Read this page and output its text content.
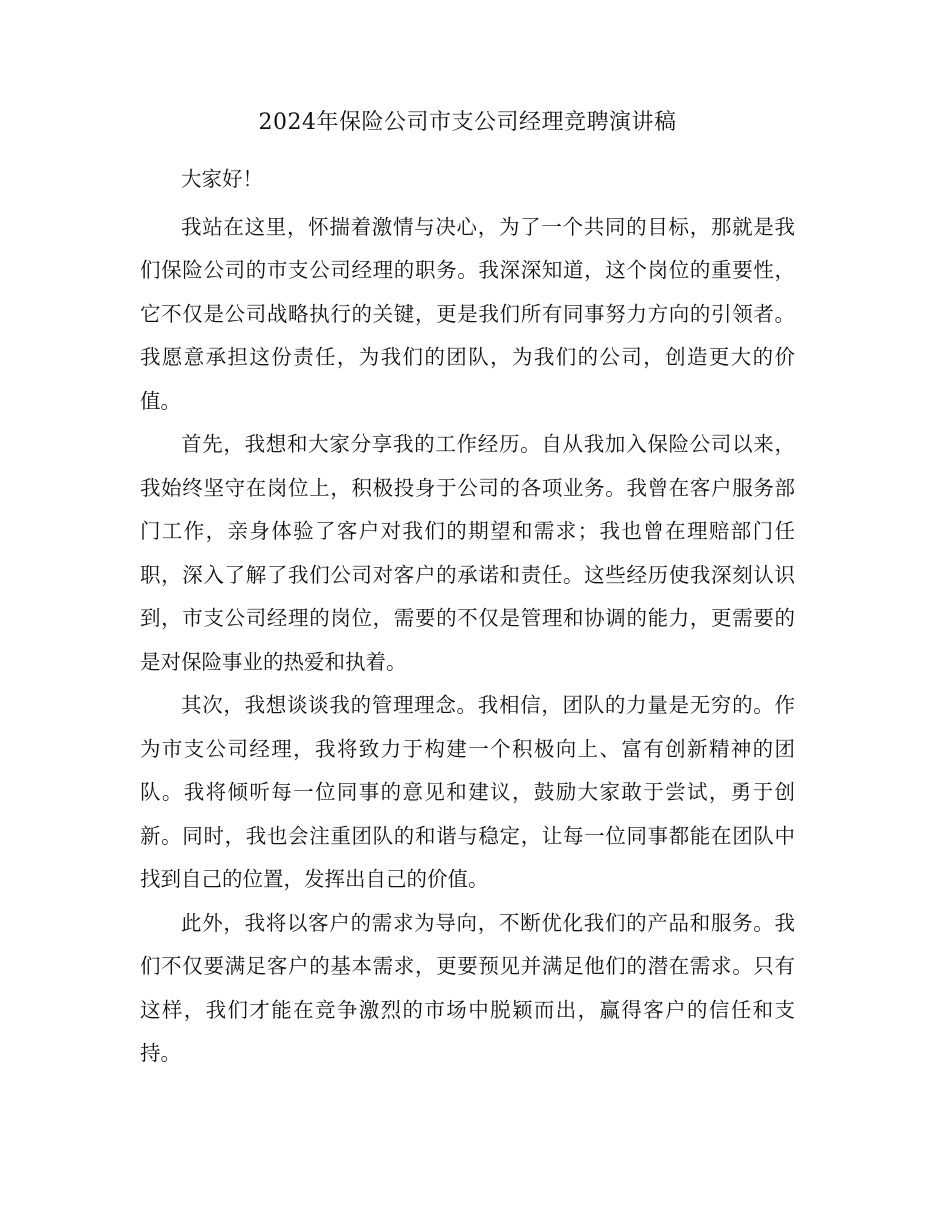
2024年保险公司市支公司经理竞聘演讲稿

大家好！

我站在这里，怀揣着激情与决心，为了一个共同的目标，那就是我们保险公司的市支公司经理的职务。我深深知道，这个岗位的重要性，它不仅是公司战略执行的关键，更是我们所有同事努力方向的引领者。我愿意承担这份责任，为我们的团队，为我们的公司，创造更大的价值。

首先，我想和大家分享我的工作经历。自从我加入保险公司以来，我始终坚守在岗位上，积极投身于公司的各项业务。我曾在客户服务部门工作，亲身体验了客户对我们的期望和需求；我也曾在理赔部门任职，深入了解了我们公司对客户的承诺和责任。这些经历使我深刻认识到，市支公司经理的岗位，需要的不仅是管理和协调的能力，更需要的是对保险事业的热爱和执着。

其次，我想谈谈我的管理理念。我相信，团队的力量是无穷的。作为市支公司经理，我将致力于构建一个积极向上、富有创新精神的团队。我将倾听每一位同事的意见和建议，鼓励大家敢于尝试，勇于创新。同时，我也会注重团队的和谐与稳定，让每一位同事都能在团队中找到自己的位置，发挥出自己的价值。

此外，我将以客户的需求为导向，不断优化我们的产品和服务。我们不仅要满足客户的基本需求，更要预见并满足他们的潜在需求。只有这样，我们才能在竞争激烈的市场中脱颖而出，赢得客户的信任和支持。
